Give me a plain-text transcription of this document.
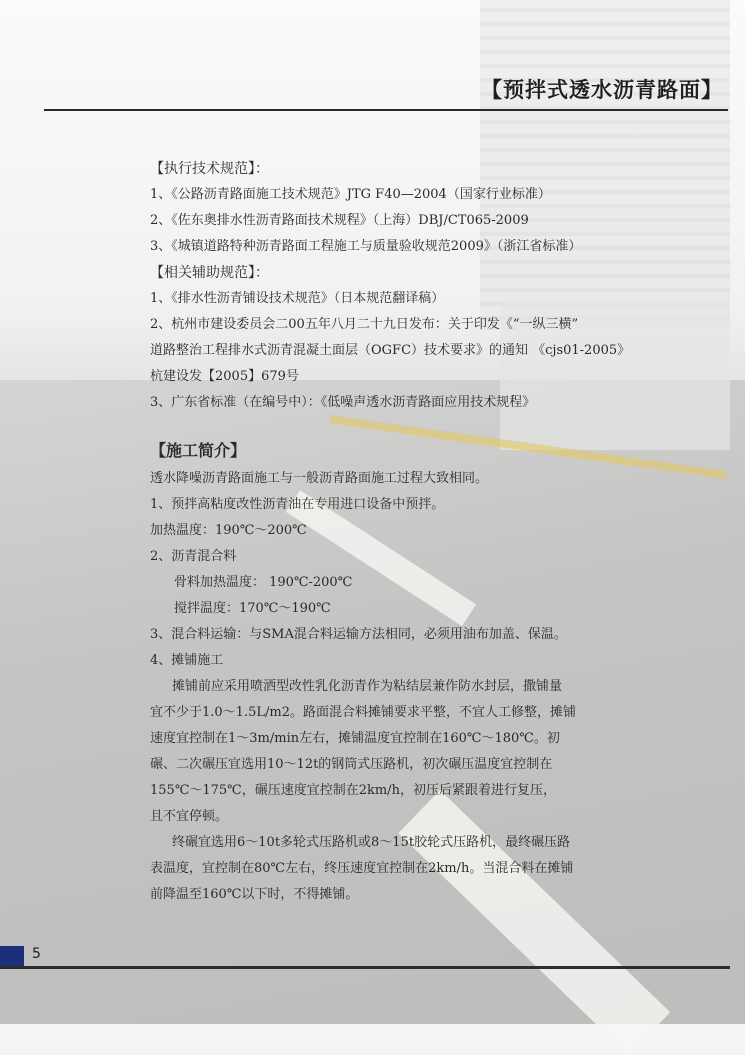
【预拌式透水沥青路面】

【执行技术规范】：

1、《公路沥青路面施工技术规范》JTG F40—2004（国家行业标准）

2、《佐东奥排水性沥青路面技术规程》（上海）DBJ/CT065-2009

3、《城镇道路特种沥青路面工程施工与质量验收规范2009》（浙江省标准）

【相关辅助规范】：

1、《排水性沥青铺设技术规范》（日本规范翻译稿）

2、杭州市建设委员会二00五年八月二十九日发布：关于印发《“一纵三横”

道路整治工程排水式沥青混凝土面层（OGFC）技术要求》的通知 《cjs01-2005》

杭建设发【2005】679号

3、广东省标准（在编号中）：《低噪声透水沥青路面应用技术规程》

【施工简介】

透水降噪沥青路面施工与一般沥青路面施工过程大致相同。

1、预拌高粘度改性沥青油在专用进口设备中预拌。

加热温度：190℃～200℃

2、沥青混合料

骨料加热温度： 190℃-200℃

搅拌温度：170℃～190℃

3、混合料运输：与SMA混合料运输方法相同，必须用油布加盖、保温。

4、摊铺施工

摊铺前应采用喷洒型改性乳化沥青作为粘结层兼作防水封层，撒铺量

宜不少于1.0～1.5L/m2。路面混合料摊铺要求平整，不宜人工修整，摊铺

速度宜控制在1～3m/min左右，摊铺温度宜控制在160℃～180℃。初

碾、二次碾压宜选用10～12t的钢筒式压路机，初次碾压温度宜控制在

155℃～175℃，碾压速度宜控制在2km/h，初压后紧跟着进行复压，

且不宜停顿。

终碾宜选用6～10t多轮式压路机或8～15t胶轮式压路机，最终碾压路

表温度，宜控制在80℃左右，终压速度宜控制在2km/h。当混合料在摊铺

前降温至160℃以下时，不得摊铺。

5
